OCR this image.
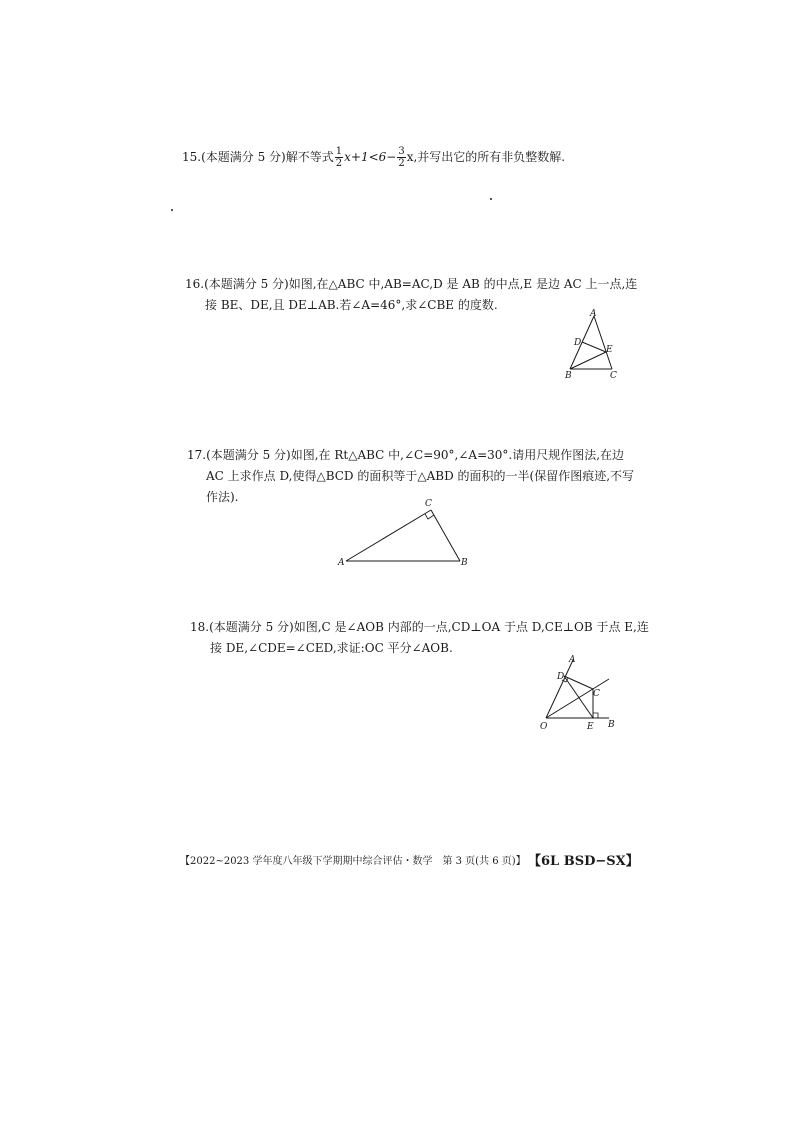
15.(本题满分 5 分)解不等式 $\frac{1}{2} x+1<6- \frac{3}{2} x$,并写出它的所有非负整数解.
16.(本题满分 5 分)如图,在△ABC 中,AB=AC,D 是 AB 的中点,E 是边 AC 上一点,连
接 BE、DE,且 DE⊥AB.若∠A=46°,求∠CBE 的度数.
A
D
E
B	C
17.(本题满分 5 分)如图,在 Rt△ABC 中,∠C=90°,∠A=30°.请用尺规作图法,在边
AC 上求作点 D,使得△BCD 的面积等于△ABD 的面积的一半(保留作图痕迹,不写
作法).	C
A	B
18.(本题满分 5 分)如图,C 是∠AOB 内部的一点,CD⊥OA 于点 D,CE⊥OB 于点 E,连
接 DE,∠CDE=∠CED,求证:OC 平分∠AOB.
A
D
C
O	E B
【2022~2023 学年度八年级下学期期中综合评估・数学　第 3 页(共 6 页)】 【6L BSD−SX】
